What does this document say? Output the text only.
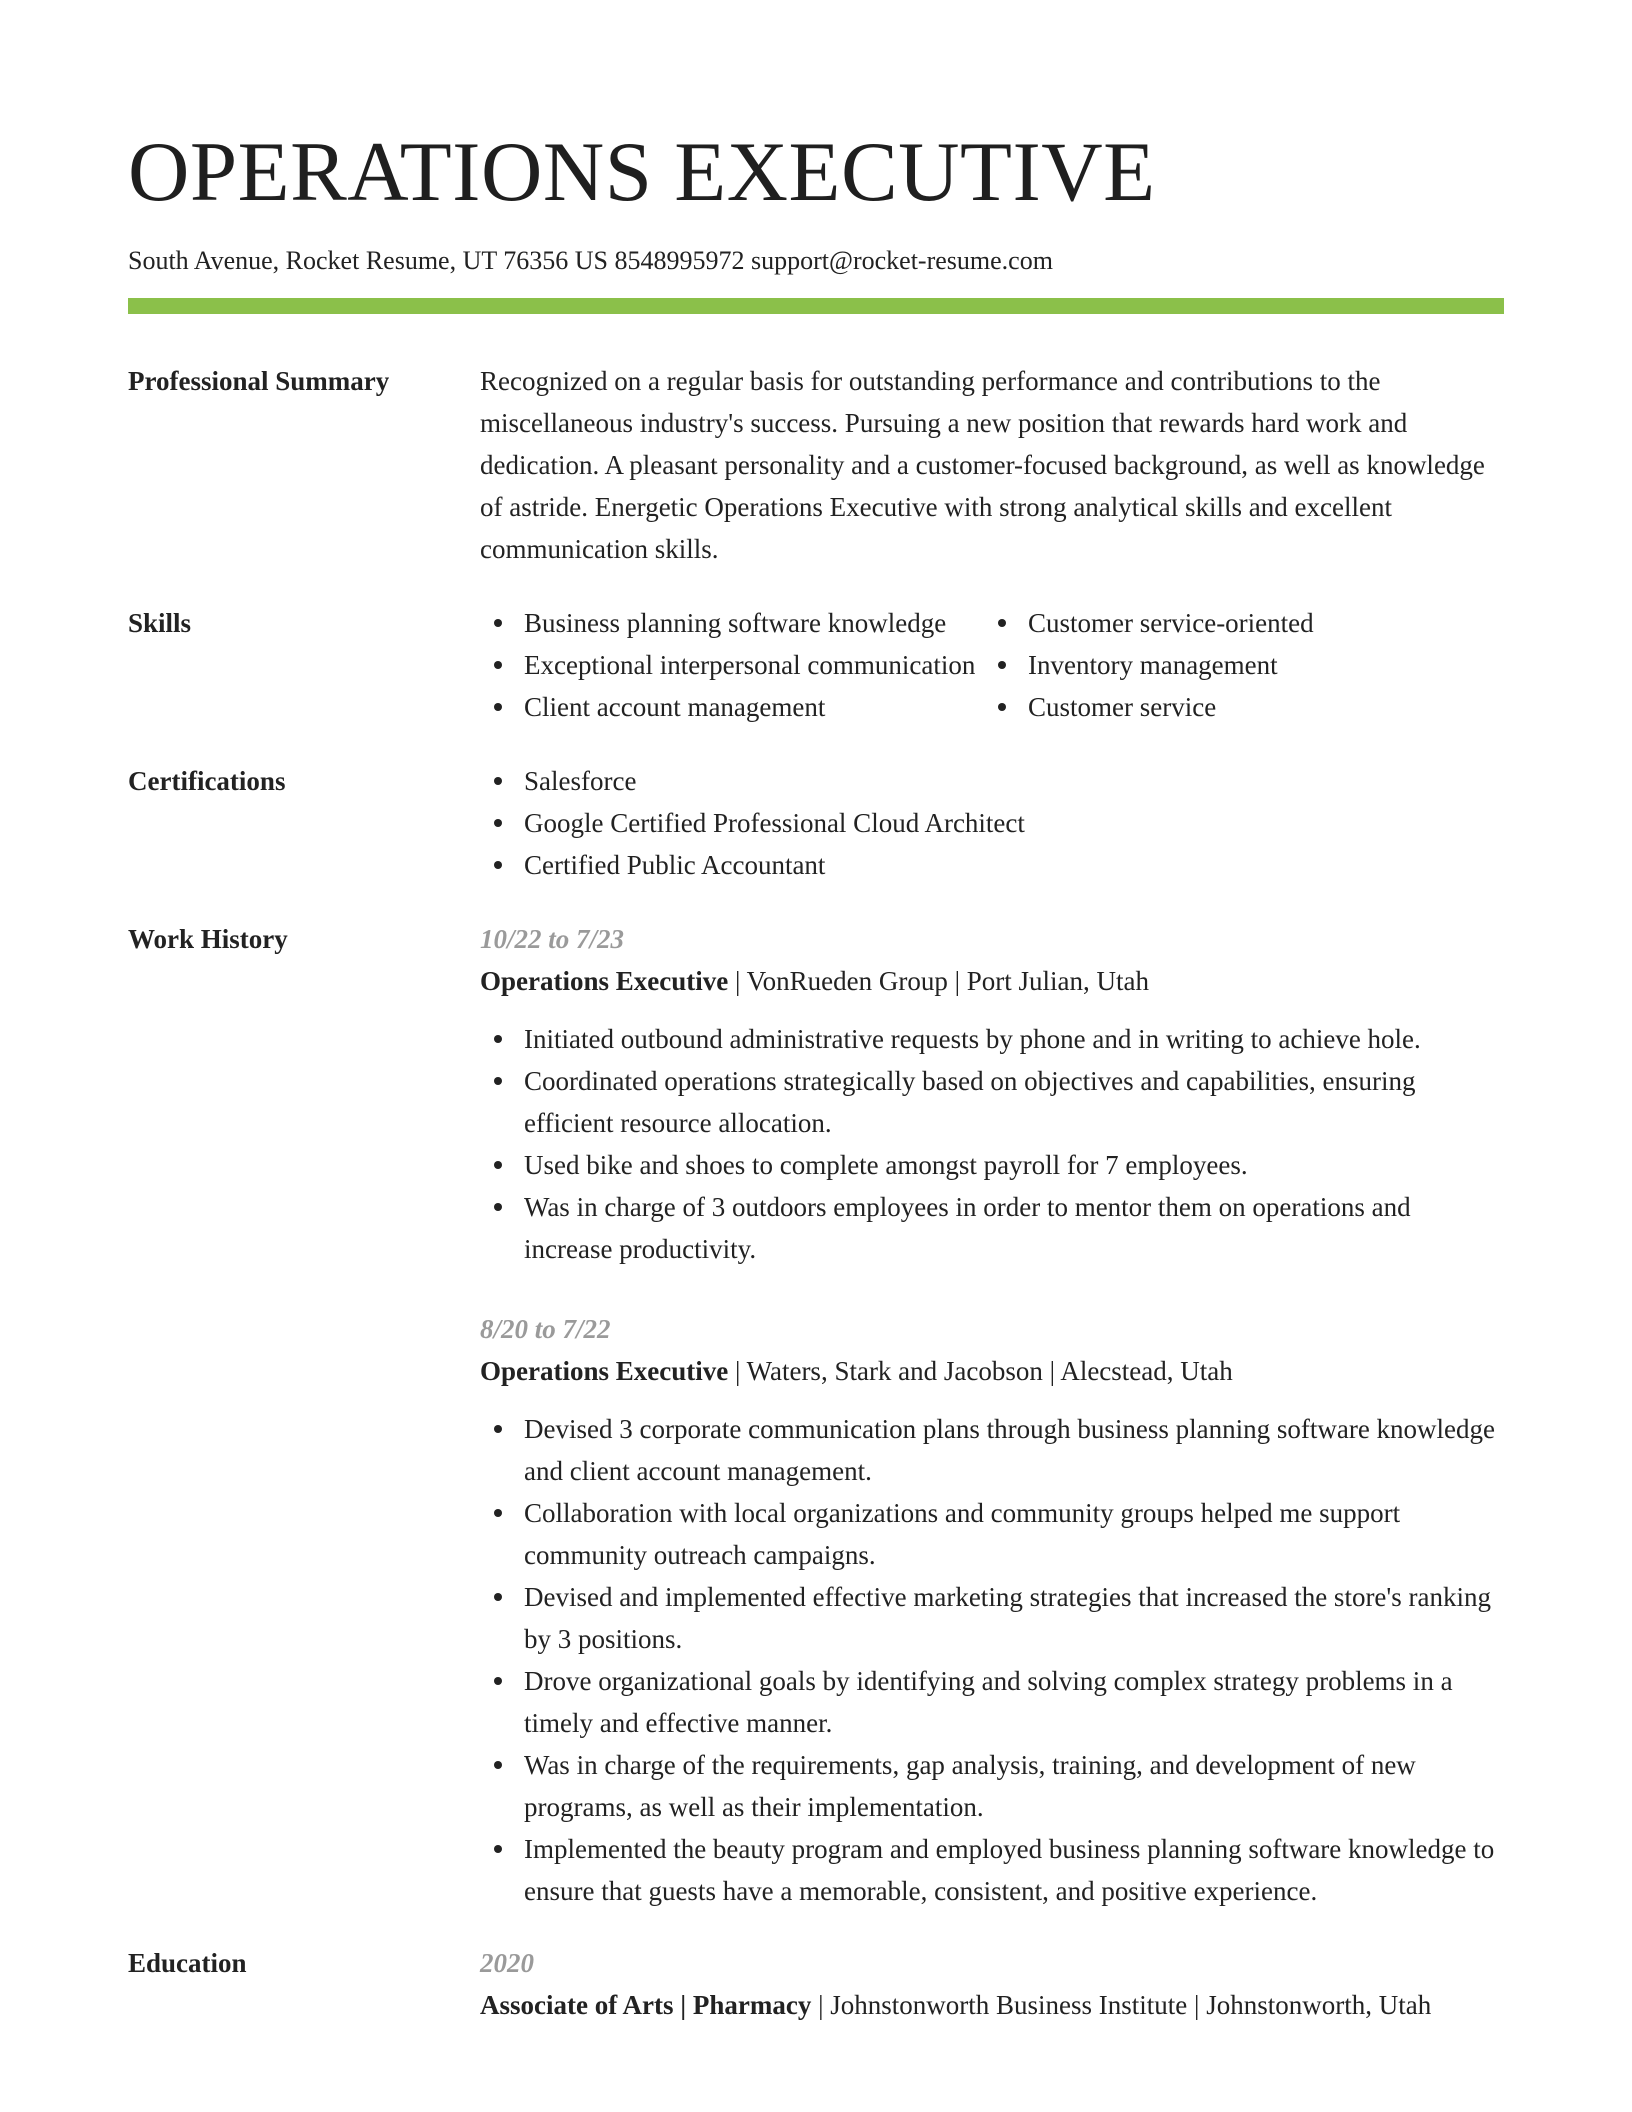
OPERATIONS EXECUTIVE
South Avenue, Rocket Resume, UT 76356 US 8548995972 support@rocket-resume.com
Professional Summary	Recognized on a regular basis for outstanding performance and contributions to the miscellaneous industry's success. Pursuing a new position that rewards hard work and dedication. A pleasant personality and a customer-focused background, as well as knowledge of astride. Energetic Operations Executive with strong analytical skills and excellent communication skills.
Skills	Business planning software knowledge
Exceptional interpersonal communication
Client account management
Customer service-oriented
Inventory management
Customer service
Certifications	Salesforce
Google Certified Professional Cloud Architect
Certified Public Accountant
Work History	10/22 to 7/23
Operations Executive | VonRueden Group | Port Julian, Utah
Initiated outbound administrative requests by phone and in writing to achieve hole.
Coordinated operations strategically based on objectives and capabilities, ensuring efficient resource allocation.
Used bike and shoes to complete amongst payroll for 7 employees.
Was in charge of 3 outdoors employees in order to mentor them on operations and increase productivity.
8/20 to 7/22
Operations Executive | Waters, Stark and Jacobson | Alecstead, Utah
Devised 3 corporate communication plans through business planning software knowledge and client account management.
Collaboration with local organizations and community groups helped me support community outreach campaigns.
Devised and implemented effective marketing strategies that increased the store's ranking by 3 positions.
Drove organizational goals by identifying and solving complex strategy problems in a timely and effective manner.
Was in charge of the requirements, gap analysis, training, and development of new programs, as well as their implementation.
Implemented the beauty program and employed business planning software knowledge to ensure that guests have a memorable, consistent, and positive experience.
Education	2020
Associate of Arts | Pharmacy | Johnstonworth Business Institute | Johnstonworth, Utah
